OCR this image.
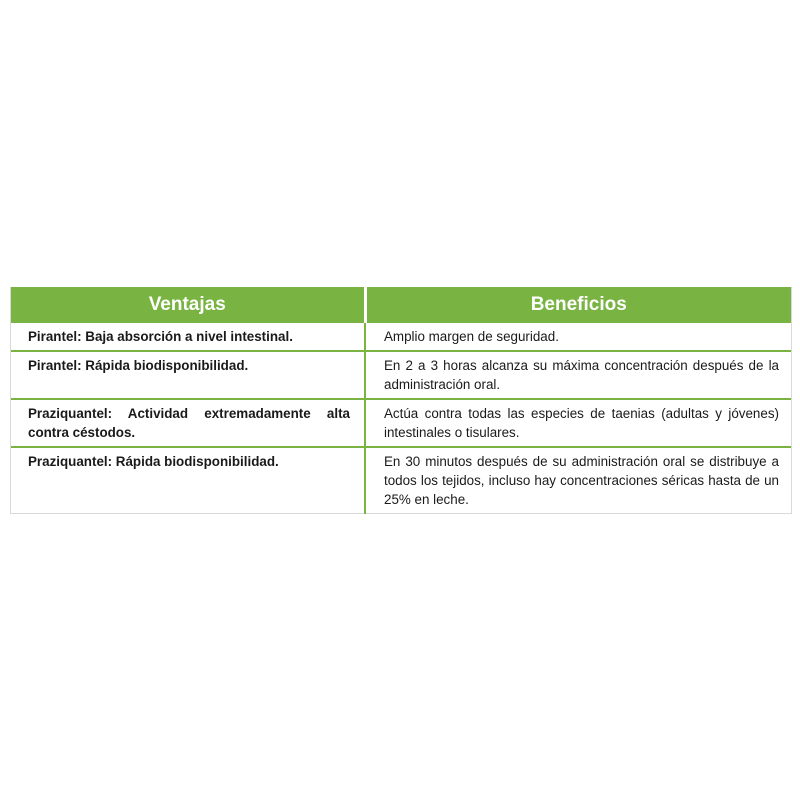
Ventajas	Beneficios
Pirantel: Baja absorción a nivel intestinal.	Amplio margen de seguridad.
Pirantel: Rápida biodisponibilidad.	En 2 a 3 horas alcanza su máxima concentración después de la administración oral.
Praziquantel: Actividad extremadamente alta contra céstodos.	Actúa contra todas las especies de taenias (adultas y jóvenes) intestinales o tisulares.
Praziquantel: Rápida biodisponibilidad.	En 30 minutos después de su administración oral se distribuye a todos los tejidos, incluso hay concentraciones séricas hasta de un 25% en leche.
